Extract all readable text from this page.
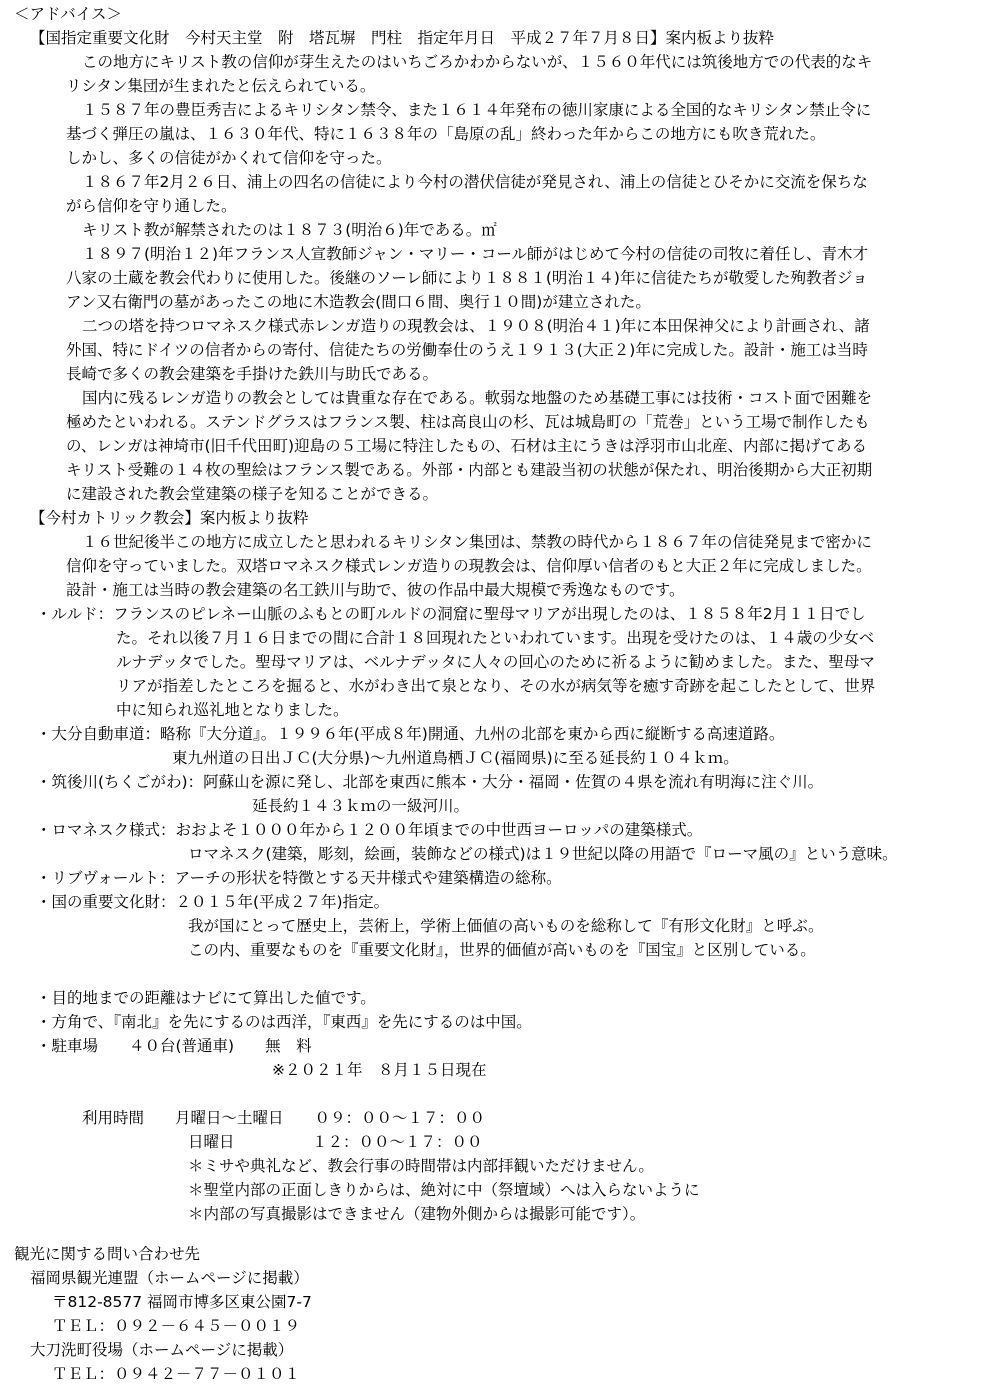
＜アドバイス＞
【国指定重要文化財　今村天主堂　附　塔瓦塀　門柱　指定年月日　平成２７年７月８日】案内板より抜粋
この地方にキリスト教の信仰が芽生えたのはいちごろかわからないが、１５６０年代には筑後地方での代表的なキ
リシタン集団が生まれたと伝えられている。
１５８７年の豊臣秀吉によるキリシタン禁令、また１６１４年発布の徳川家康による全国的なキリシタン禁止令に
基づく弾圧の嵐は、１６３０年代、特に１６３８年の「島原の乱」終わった年からこの地方にも吹き荒れた。
しかし、多くの信徒がかくれて信仰を守った。
１８６７年2月２６日、浦上の四名の信徒により今村の潜伏信徒が発見され、浦上の信徒とひそかに交流を保ちな
がら信仰を守り通した。
キリスト教が解禁されたのは１８７３(明治６)年である。㎡
１８９７(明治１２)年フランス人宣教師ジャン・マリー・コール師がはじめて今村の信徒の司牧に着任し、青木才
八家の土蔵を教会代わりに使用した。後継のソーレ師により１８８１(明治１４)年に信徒たちが敬愛した殉教者ジョ
アン又右衛門の墓があったこの地に木造教会(間口６間、奥行１０間)が建立された。
二つの塔を持つロマネスク様式赤レンガ造りの現教会は、１９０８(明治４１)年に本田保神父により計画され、諸
外国、特にドイツの信者からの寄付、信徒たちの労働奉仕のうえ１９１３(大正２)年に完成した。設計・施工は当時
長崎で多くの教会建築を手掛けた鉄川与助氏である。
国内に残るレンガ造りの教会としては貴重な存在である。軟弱な地盤のため基礎工事には技術・コスト面で困難を
極めたといわれる。ステンドグラスはフランス製、柱は高良山の杉、瓦は城島町の「荒巻」という工場で制作したも
の、レンガは神埼市(旧千代田町)迎島の５工場に特注したもの、石材は主にうきは浮羽市山北産、内部に掲げてある
キリスト受難の１４枚の聖絵はフランス製である。外部・内部とも建設当初の状態が保たれ、明治後期から大正初期
に建設された教会堂建築の様子を知ることができる。
【今村カトリック教会】案内板より抜粋
１６世紀後半この地方に成立したと思われるキリシタン集団は、禁教の時代から１８６７年の信徒発見まで密かに
信仰を守っていました。双塔ロマネスク様式レンガ造りの現教会は、信仰厚い信者のもと大正２年に完成しました。
設計・施工は当時の教会建築の名工鉄川与助で、彼の作品中最大規模で秀逸なものです。
・ルルド：フランスのピレネー山脈のふもとの町ルルドの洞窟に聖母マリアが出現したのは、１８５８年2月１１日でし
た。それ以後７月１６日までの間に合計１８回現れたといわれています。出現を受けたのは、１４歳の少女ベ
ルナデッタでした。聖母マリアは、ベルナデッタに人々の回心のために祈るように勧めました。また、聖母マ
リアが指差したところを掘ると、水がわき出て泉となり、その水が病気等を癒す奇跡を起こしたとして、世界
中に知られ巡礼地となりました。
・大分自動車道：略称『大分道』。１９９６年(平成８年)開通、九州の北部を東から西に縦断する高速道路。
東九州道の日出ＪＣ(大分県)～九州道鳥栖ＪＣ(福岡県)に至る延長約１０４ｋｍ。
・筑後川(ちくごがわ)：阿蘇山を源に発し、北部を東西に熊本・大分・福岡・佐賀の４県を流れ有明海に注ぐ川。
延長約１４３ｋｍの一級河川。
・ロマネスク様式：おおよそ１０００年から１２００年頃までの中世西ヨーロッパの建築様式。
ロマネスク(建築，彫刻，絵画，装飾などの様式)は１９世紀以降の用語で『ローマ風の』という意味。
・リブヴォールト：アーチの形状を特徴とする天井様式や建築構造の総称。
・国の重要文化財：２０１５年(平成２７年)指定。
我が国にとって歴史上，芸術上，学術上価値の高いものを総称して『有形文化財』と呼ぶ。
この内、重要なものを『重要文化財』，世界的価値が高いものを『国宝』と区別している。
・目的地までの距離はナビにて算出した値です。
・方角で、『南北』を先にするのは西洋，『東西』を先にするのは中国。
・駐車場　　４０台(普通車)　　無　料
※２０２１年　８月１５日現在
利用時間　　月曜日～土曜日　　０９：００～１７：００
日曜日　　　　　１２：００～１７：００
＊ミサや典礼など、教会行事の時間帯は内部拝観いただけません。
＊聖堂内部の正面しきりからは、絶対に中（祭壇域）へは入らないように
＊内部の写真撮影はできません（建物外側からは撮影可能です）。
観光に関する問い合わせ先
福岡県観光連盟（ホームページに掲載）
〒812-8577 福岡市博多区東公園7-7
ＴＥＬ：０９２－６４５－００１９
大刀洗町役場（ホームページに掲載）
ＴＥＬ：０９４２－７７－０１０１
